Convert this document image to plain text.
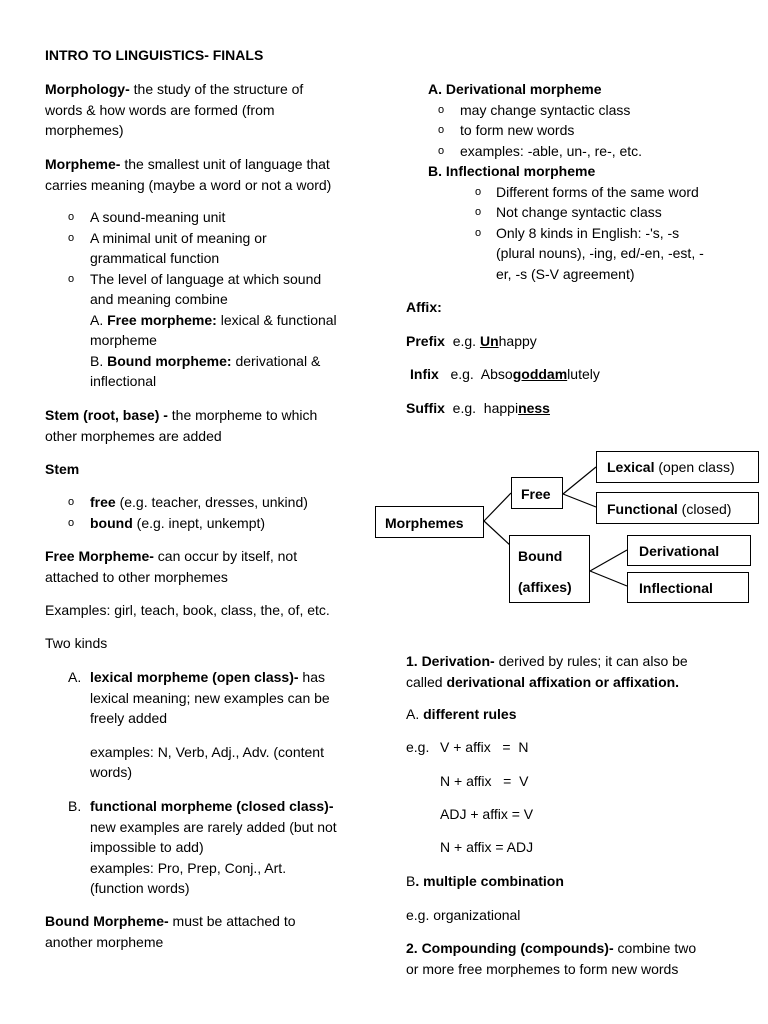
INTRO TO LINGUISTICS- FINALS
Morphology- the study of the structure of
words & how words are formed (from
morphemes)
Morpheme- the smallest unit of language that
carries meaning (maybe a word or not a word)
o	A sound-meaning unit
o	A minimal unit of meaning or
grammatical function
o	The level of language at which sound
and meaning combine
A. Free morpheme: lexical & functional
morpheme
B. Bound morpheme: derivational &
inflectional
Stem (root, base) - the morpheme to which
other morphemes are added
Stem
o	free (e.g. teacher, dresses, unkind)
o	bound (e.g. inept, unkempt)
Free Morpheme- can occur by itself, not
attached to other morphemes
Examples: girl, teach, book, class, the, of, etc.
Two kinds
A. lexical morpheme (open class)- has
lexical meaning; new examples can be
freely added
examples: N, Verb, Adj., Adv. (content
words)
B. functional morpheme (closed class)-
new examples are rarely added (but not
impossible to add)
examples: Pro, Prep, Conj., Art.
(function words)
Bound Morpheme- must be attached to
another morpheme
A. Derivational morpheme
o	may change syntactic class
o	to form new words
o	examples: -able, un-, re-, etc.
B. Inflectional morpheme
o	Different forms of the same word
o	Not change syntactic class
o	Only 8 kinds in English: -'s, -s
(plural nouns), -ing, ed/-en, -est, -
er, -s (S-V agreement)
Affix:
Prefix  e.g. Unhappy
Infix   e.g.  Absogoddamlutely
Suffix  e.g.  happiness
Morphemes
Free
Bound
(affixes)
Lexical (open class)
Functional (closed)
Derivational
Inflectional
1. Derivation- derived by rules; it can also be
called derivational affixation or affixation.
A. different rules
e.g. V + affix   =  N
N + affix   =  V
ADJ + affix = V
N + affix = ADJ
B. multiple combination
e.g. organizational
2. Compounding (compounds)- combine two
or more free morphemes to form new words
